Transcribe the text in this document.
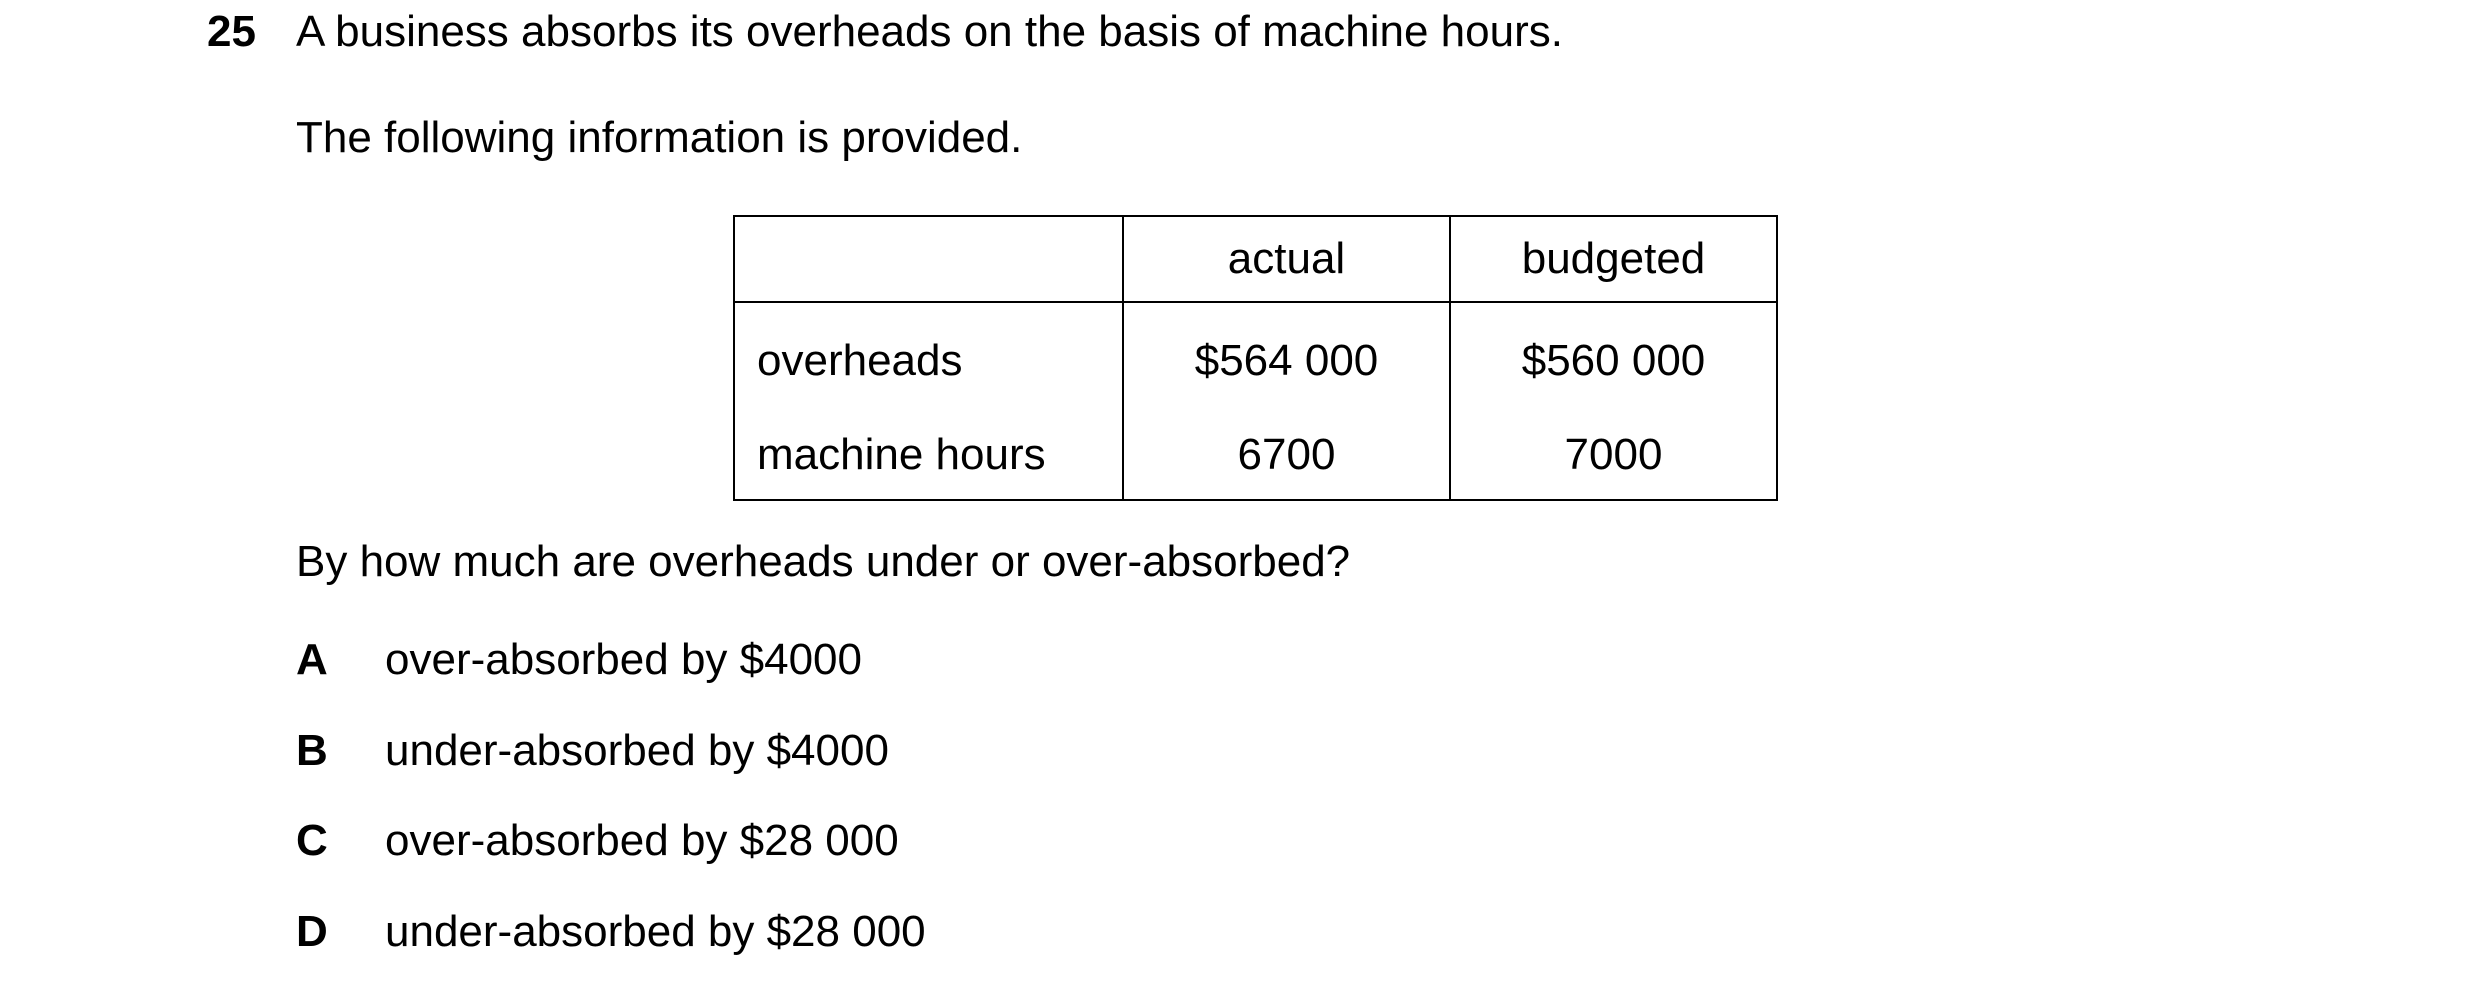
25 A business absorbs its overheads on the basis of machine hours.
The following information is provided.
	actual	budgeted
overheads	$564 000	$560 000
machine hours	6700	7000
By how much are overheads under or over-absorbed?
A over-absorbed by $4000
B under-absorbed by $4000
C over-absorbed by $28 000
D under-absorbed by $28 000
